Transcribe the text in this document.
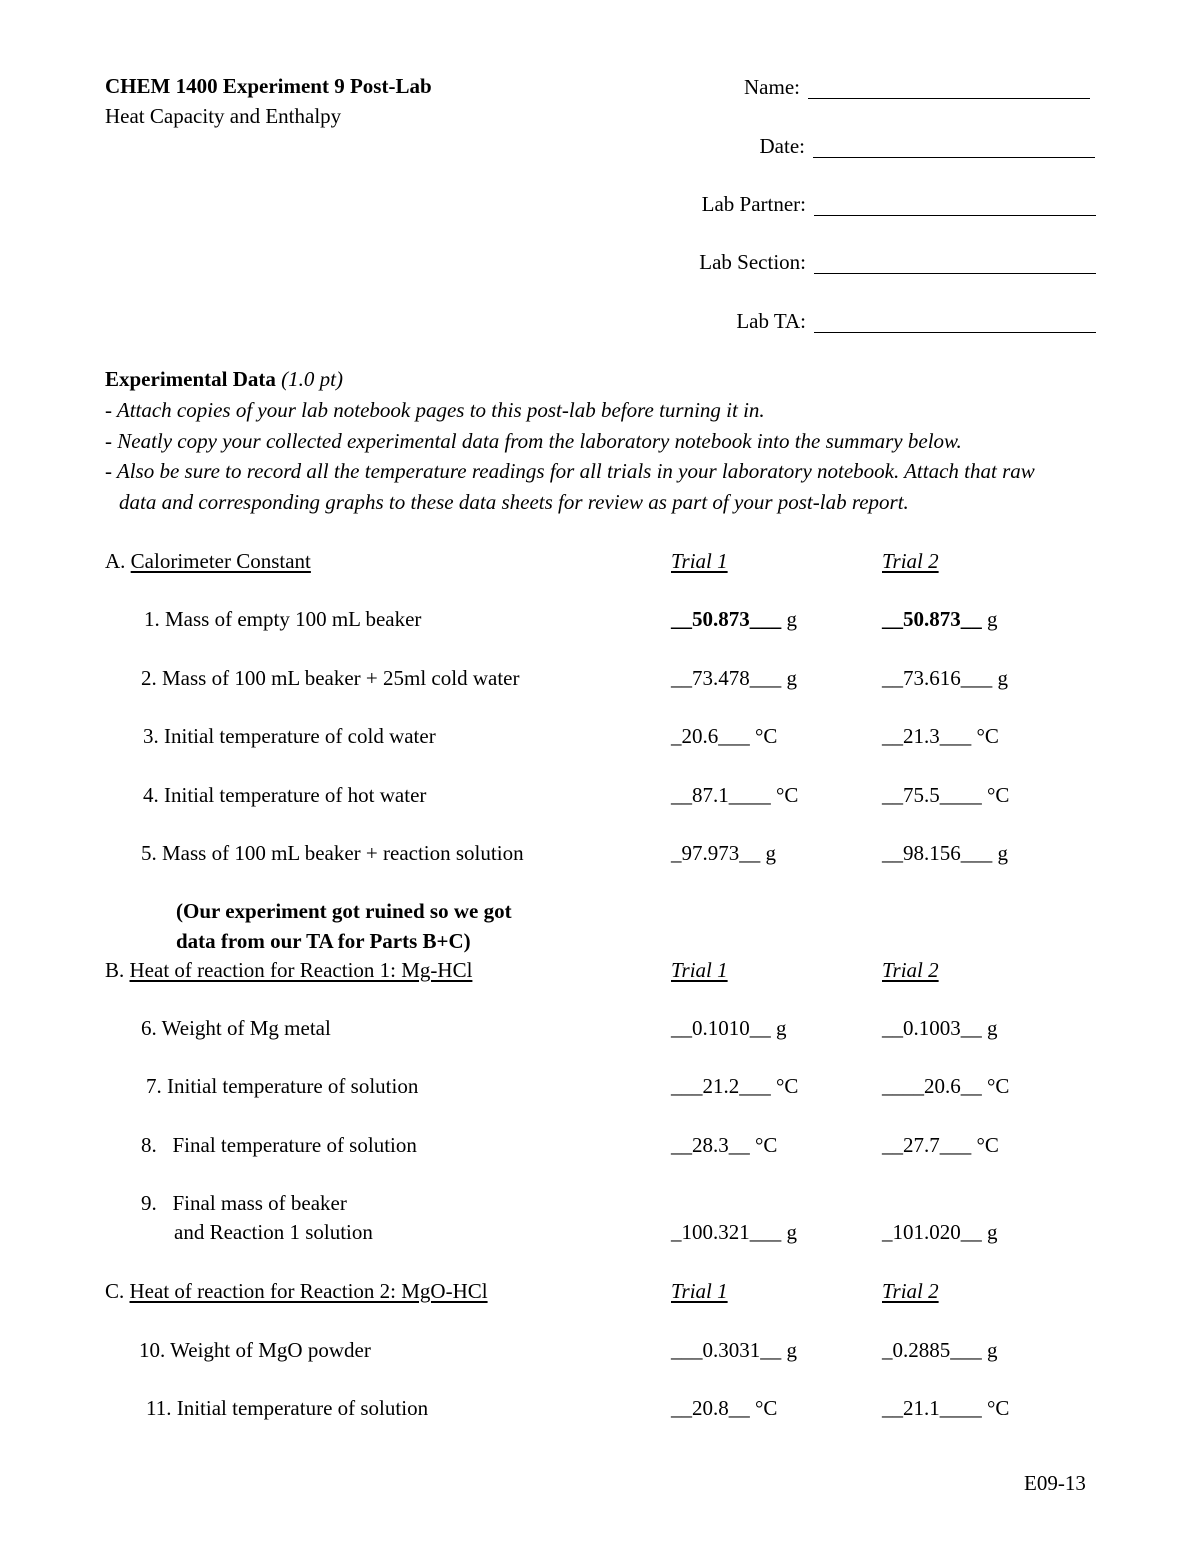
CHEM 1400 Experiment 9 Post-Lab
Heat Capacity and Enthalpy
Name:
Date:
Lab Partner:
Lab Section:
Lab TA:
Experimental Data (1.0 pt)
- Attach copies of your lab notebook pages to this post-lab before turning it in.
- Neatly copy your collected experimental data from the laboratory notebook into the summary below.
- Also be sure to record all the temperature readings for all trials in your laboratory notebook. Attach that raw
data and corresponding graphs to these data sheets for review as part of your post-lab report.
A. Calorimeter Constant	Trial 1	Trial 2
1. Mass of empty 100 mL beaker	__50.873___ g	__50.873__ g
2. Mass of 100 mL beaker + 25ml cold water	__73.478___ g	__73.616___ g
3. Initial temperature of cold water	_20.6___ °C	__21.3___ °C
4. Initial temperature of hot water	__87.1____ °C	__75.5____ °C
5. Mass of 100 mL beaker + reaction solution	_97.973__ g	__98.156___ g
(Our experiment got ruined so we got
data from our TA for Parts B+C)
B. Heat of reaction for Reaction 1: Mg-HCl	Trial 1	Trial 2
6. Weight of Mg metal	__0.1010__ g	__0.1003__ g
7. Initial temperature of solution	___21.2___ °C	____20.6__ °C
8.   Final temperature of solution	__28.3__ °C	__27.7___ °C
9.   Final mass of beaker
and Reaction 1 solution	_100.321___ g	_101.020__ g
C. Heat of reaction for Reaction 2: MgO-HCl	Trial 1	Trial 2
10. Weight of MgO powder	___0.3031__ g	_0.2885___ g
11. Initial temperature of solution	__20.8__ °C	__21.1____ °C
E09-13
